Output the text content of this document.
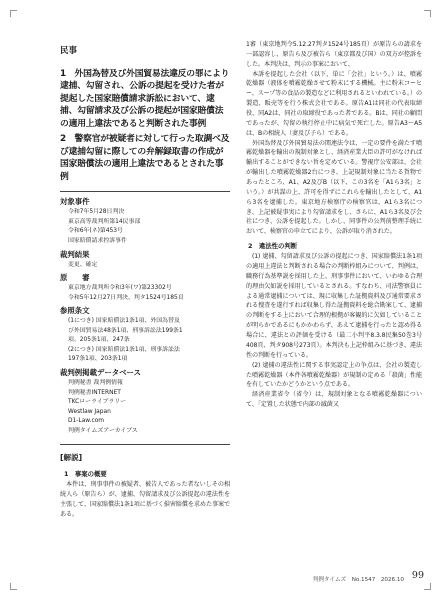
民事

1　外国為替及び外国貿易法違反の罪により逮捕、勾留され、公訴の提起を受けた者が提起した国家賠償請求訴訟において、逮捕、勾留請求及び公訴の提起が国家賠償法の適用上違法であると判断された事例

2　警察官が被疑者に対して行った取調べ及び逮捕勾留に際しての弁解録取書の作成が国家賠償法の適用上違法であるとされた事例

対象事件
令和7年5月28日判決
東京高等裁判所第14民事部
令和6年(ネ)第453号
国家賠償請求控訴事件
裁判結果
変更、確定
原　　審
東京地方裁判所令和3年(ワ)第23302号
令和5年12月27日判決、判タ1524号185頁
参照条文
(1につき) 国家賠償法1条1項、外国為替及
び外国貿易法48条1項、刑事訴訟法199条1
項、205条1項、247条
(2につき) 国家賠償法1条1項、刑事訴訟法
197条1項、203条1項
裁判例掲載データベース
判例秘書 裁判例情報
判例秘書INTERNET
TKCローライブラリー
Westlaw Japan
D1-Law.com
判例タイムズアーカイブス
[解説]
1　事案の概要

本件は、刑事事件の被疑者、被告人であった者ないしその相続人ら（原告ら）が、逮捕、勾留請求及び公訴提起の違法性を主張して、国家賠償法1条1項に基づく損害賠償を求めた事案である。

1審（東京地判令5.12.27判タ1524号185頁）が原告らの請求を一部認容し、原告ら及び被告ら（東京都及び国）の双方が控訴をした。本判決は、判示の事案において、

本訴を提起した会社（以下、単に「会社」という。）は、噴霧乾燥器（液体を噴霧乾燥させて粉末にする機械。主に粉末コーヒー、スープ等の食品の製造などに利用されるといわれている。）の製造、販売等を行う株式会社である。原告A1は同社の代表取締役、同A2は、同社の取締役であった者である。Bは、同社の顧問であったが、勾留の執行停止中に病気で死亡した。原告A3～A5は、Bの相続人（妻及び子ら）である。

外国為替及び外国貿易法の関連法令は、一定の要件を満たす噴霧乾燥器を輸出の規制対象とし、経済産業大臣の許可がなければ輸出することができない旨を定めている。警視庁公安部は、会社が輸出した噴霧乾燥器2台につき、上記規制対象に当たる貨物であったところ、A1、A2及びB（以下、この3名を「A1ら3名」という。）が共謀の上、許可を得ずにこれらを輸出したとして、A1ら3名を逮捕した。東京地方検察庁の検察官は、A1ら3名につき、上記被疑事実により勾留請求をし、さらに、A1ら3名及び会社につき、公訴を提起した。しかし、同事件の公判前整理手続において、検察官の申立てにより、公訴が取り消された。

2　違法性の判断

(1) 逮捕、勾留請求及び公訴の提起につき、国家賠償法1条1項の適用上違法と判断される場合の判断枠組みについて、判例は、職務行為基準説を採用した上、刑事事件において、いわゆる合理的理由欠如説を採用しているとされる。すなわち、司法警察員による通常逮捕については、現に収集した証拠資料及び通常要求される捜査を遂行すれば収集し得た証拠資料を総合勘案して、逮捕の判断をする上において合理的根拠が客観的に欠如していることが明らかであるにもかかわらず、あえて逮捕を行ったと認め得る場合に、違法との評価を受ける（最二小判平8.3.8民集50巻3号408頁、判タ908号273頁）。本判決も上記枠組みに基づき、違法性の判断を行っている。

(2) 逮捕の違法性に関する事実認定上の争点は、会社の製造した噴霧乾燥器（本件各噴霧乾燥器）が規制の定める「殺菌」性能を有していたかどうかという点である。

経済産業省令（省令）は、規制対象となる噴霧乾燥器について、「定置した状態で内部の滅菌又

判例タイムズ　No.1547　2026.10 99
